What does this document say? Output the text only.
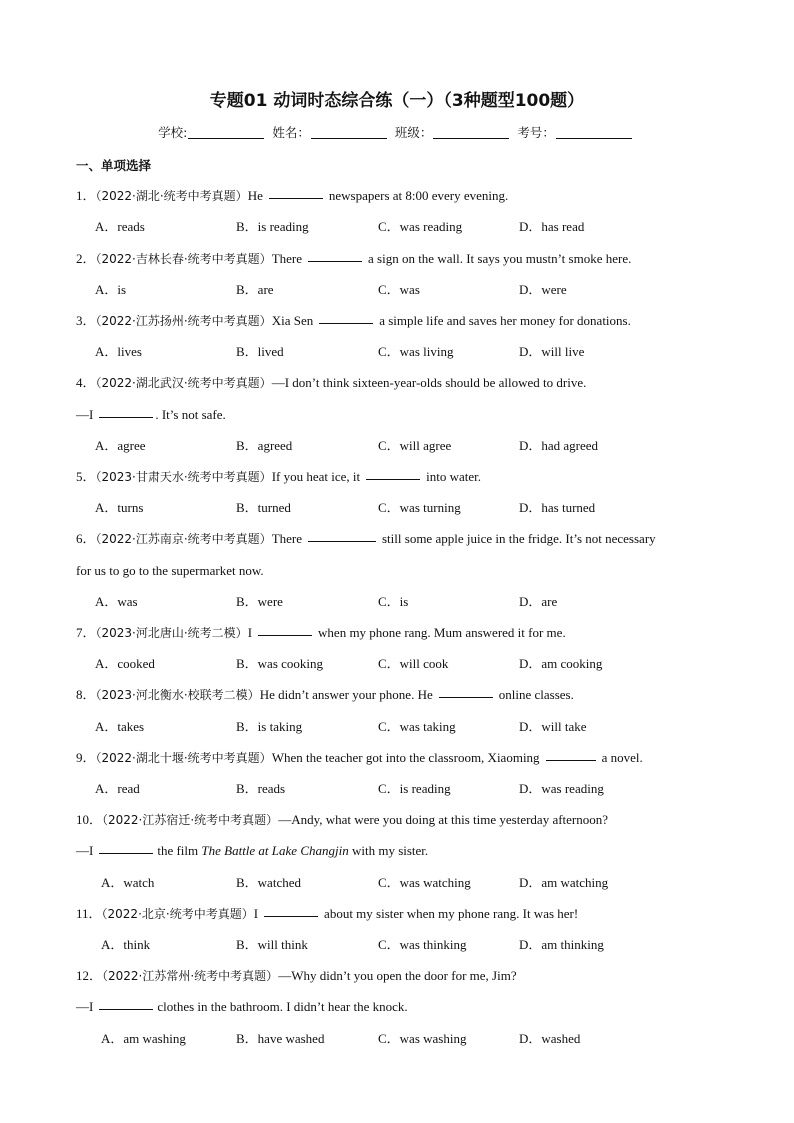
专题01 动词时态综合练（一）（3种题型100题）
学校:	姓名：	班级：	考号：
一、单项选择
1．（2022·湖北·统考中考真题）He	newspapers at 8:00 every evening.
A．reads	B．is reading	C．was reading	D．has read
2．（2022·吉林长春·统考中考真题）There	a sign on the wall. It says you mustn’t smoke here.
A．is	B．are	C．was	D．were
3．（2022·江苏扬州·统考中考真题）Xia Sen	a simple life and saves her money for donations.
A．lives	B．lived	C．was living	D．will live
4．（2022·湖北武汉·统考中考真题）—I don’t think sixteen-year-olds should be allowed to drive.
—I	. It’s not safe.
A．agree	B．agreed	C．will agree	D．had agreed
5．（2023·甘肃天水·统考中考真题）If you heat ice, it	into water.
A．turns	B．turned	C．was turning	D．has turned
6．（2022·江苏南京·统考中考真题）There	still some apple juice in the fridge. It’s not necessary
for us to go to the supermarket now.
A．was	B．were	C．is	D．are
7．（2023·河北唐山·统考二模）I	when my phone rang. Mum answered it for me.
A．cooked	B．was cooking	C．will cook	D．am cooking
8．（2023·河北衡水·校联考二模）He didn’t answer your phone. He	online classes.
A．takes	B．is taking	C．was taking	D．will take
9．（2022·湖北十堰·统考中考真题）When the teacher got into the classroom, Xiaoming	a novel.
A．read	B．reads	C．is reading	D．was reading
10．（2022·江苏宿迁·统考中考真题）—Andy, what were you doing at this time yesterday afternoon?
—I	the film The Battle at Lake Changjin with my sister.
A．watch	B．watched	C．was watching	D．am watching
11．（2022·北京·统考中考真题）I	about my sister when my phone rang. It was her!
A．think	B．will think	C．was thinking	D．am thinking
12．（2022·江苏常州·统考中考真题）—Why didn’t you open the door for me, Jim?
—I	clothes in the bathroom. I didn’t hear the knock.
A．am washing	B．have washed	C．was washing	D．washed
